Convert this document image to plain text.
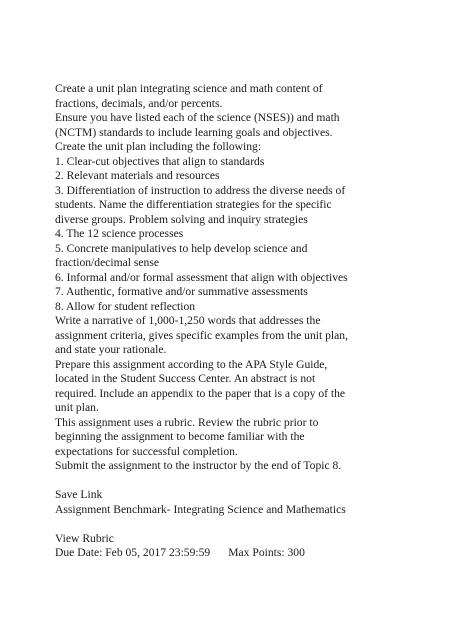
Create a unit plan integrating science and math content of
fractions, decimals, and/or percents.
Ensure you have listed each of the science (NSES)) and math
(NCTM) standards to include learning goals and objectives.
Create the unit plan including the following:
1. Clear-cut objectives that align to standards
2. Relevant materials and resources
3. Differentiation of instruction to address the diverse needs of
students. Name the differentiation strategies for the specific
diverse groups. Problem solving and inquiry strategies
4. The 12 science processes
5. Concrete manipulatives to help develop science and
fraction/decimal sense
6. Informal and/or formal assessment that align with objectives
7. Authentic, formative and/or summative assessments
8. Allow for student reflection
Write a narrative of 1,000-1,250 words that addresses the
assignment criteria, gives specific examples from the unit plan,
and state your rationale.
Prepare this assignment according to the APA Style Guide,
located in the Student Success Center. An abstract is not
required. Include an appendix to the paper that is a copy of the
unit plan.
This assignment uses a rubric. Review the rubric prior to
beginning the assignment to become familiar with the
expectations for successful completion.
Submit the assignment to the instructor by the end of Topic 8.
Save Link
Assignment Benchmark- Integrating Science and Mathematics
View Rubric
Due Date: Feb 05, 2017 23:59:59 Max Points: 300
